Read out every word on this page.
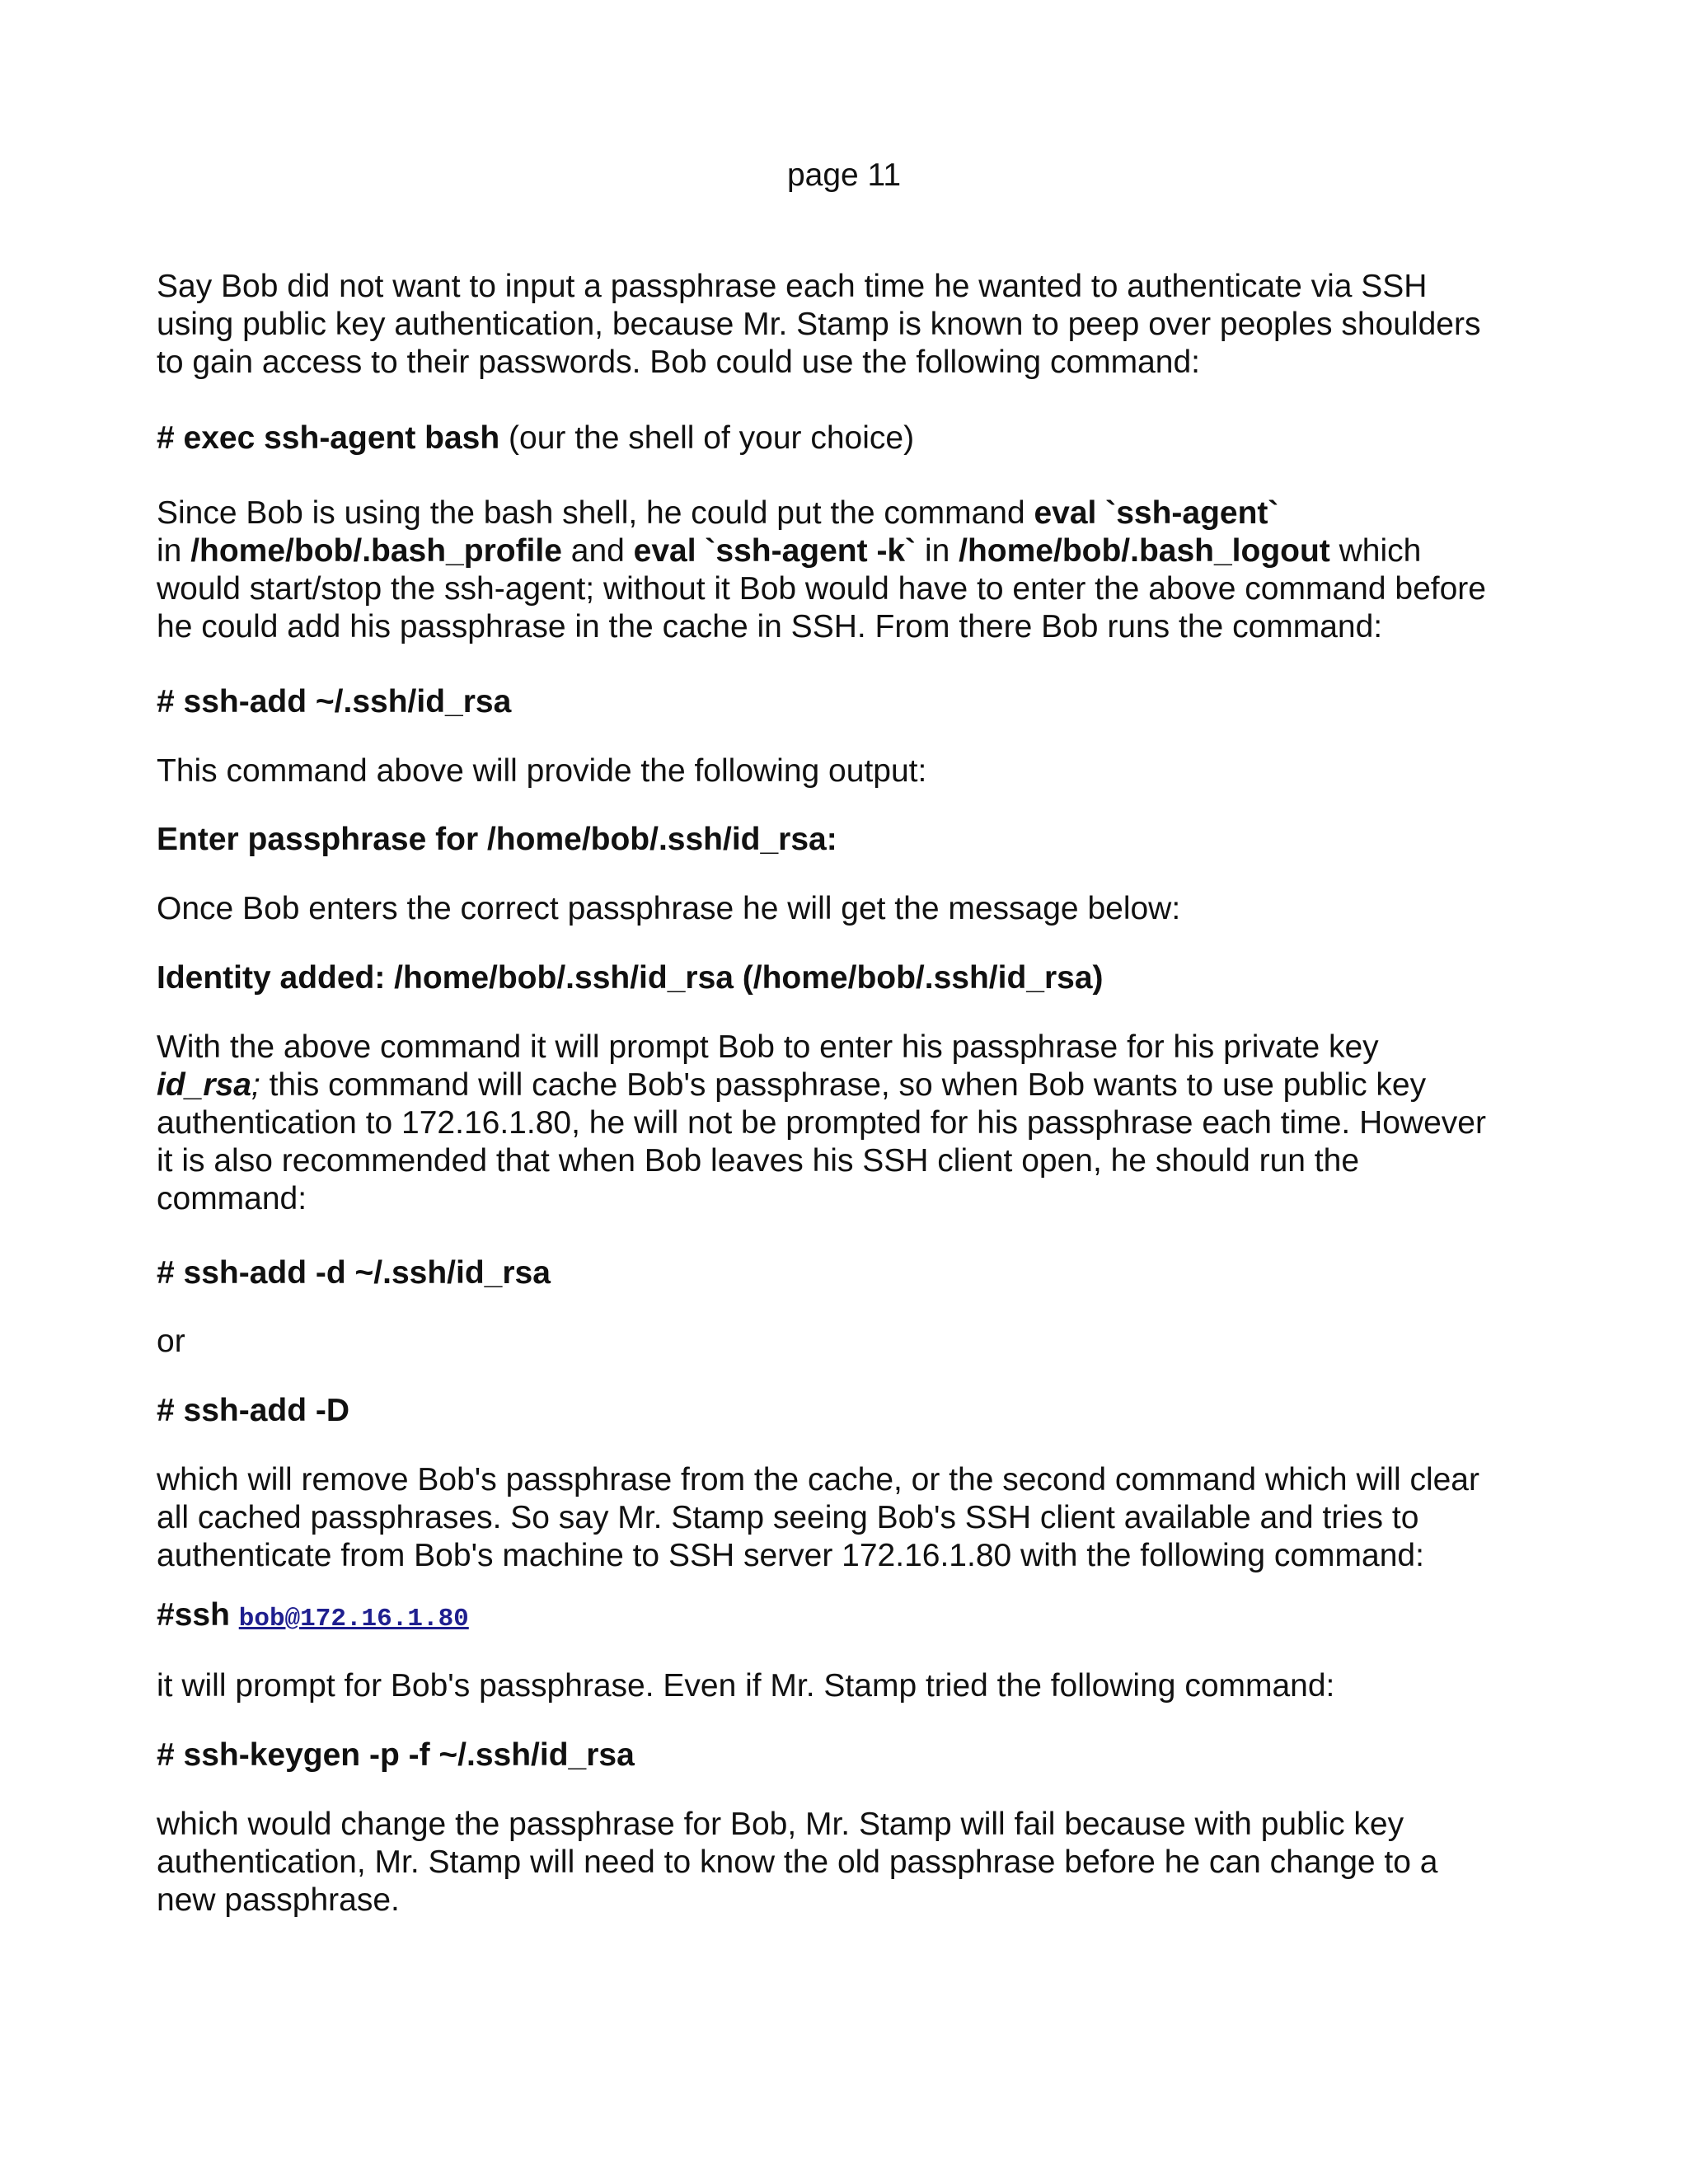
page 11
Say Bob did not want to input a passphrase each time he wanted to authenticate via SSH
using public key authentication, because Mr. Stamp is known to peep over peoples shoulders
to gain access to their passwords. Bob could use the following command:
# exec ssh-agent bash (our the shell of your choice)
Since Bob is using the bash shell, he could put the command eval `ssh-agent`
in /home/bob/.bash_profile and eval `ssh-agent -k` in /home/bob/.bash_logout which
would start/stop the ssh-agent; without it Bob would have to enter the above command before
he could add his passphrase in the cache in SSH. From there Bob runs the command:
# ssh-add ~/.ssh/id_rsa
This command above will provide the following output:
Enter passphrase for /home/bob/.ssh/id_rsa:
Once Bob enters the correct passphrase he will get the message below:
Identity added: /home/bob/.ssh/id_rsa (/home/bob/.ssh/id_rsa)
With the above command it will prompt Bob to enter his passphrase for his private key
id_rsa; this command will cache Bob's passphrase, so when Bob wants to use public key
authentication to 172.16.1.80, he will not be prompted for his passphrase each time. However
it is also recommended that when Bob leaves his SSH client open, he should run the
command:
# ssh-add -d ~/.ssh/id_rsa
or
# ssh-add -D
which will remove Bob's passphrase from the cache, or the second command which will clear
all cached passphrases. So say Mr. Stamp seeing Bob's SSH client available and tries to
authenticate from Bob's machine to SSH server 172.16.1.80 with the following command:
#ssh bob@172.16.1.80
it will prompt for Bob's passphrase. Even if Mr. Stamp tried the following command:
# ssh-keygen -p -f ~/.ssh/id_rsa
which would change the passphrase for Bob, Mr. Stamp will fail because with public key
authentication, Mr. Stamp will need to know the old passphrase before he can change to a
new passphrase.
